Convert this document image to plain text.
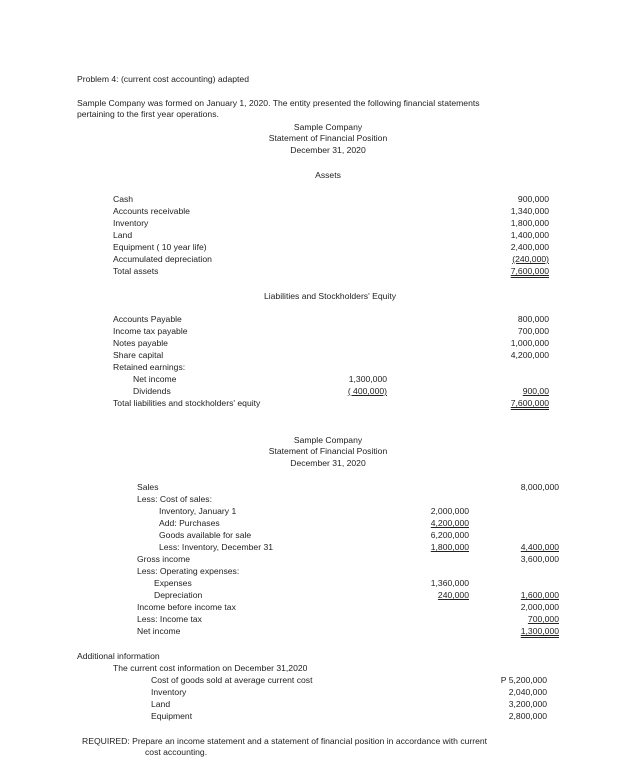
Problem 4: (current cost accounting) adapted
Sample Company was formed on January 1, 2020. The entity presented the following financial statements
pertaining to the first year operations.
Sample Company
Statement of Financial Position
December 31, 2020
Assets
Cash	900,000
Accounts receivable	1,340,000
Inventory	1,800,000
Land	1,400,000
Equipment ( 10 year life)	2,400,000
Accumulated depreciation	(240,000)
Total assets	7,600,000
Liabilities and Stockholders' Equity
Accounts Payable	800,000
Income tax payable	700,000
Notes payable	1,000,000
Share capital	4,200,000
Retained earnings:
Net income	1,300,000
Dividends	( 400,000)	900,00
Total liabilities and stockholders' equity	7,600,000
Sample Company
Statement of Financial Position
December 31, 2020
Sales	8,000,000
Less: Cost of sales:
Inventory, January 1	2,000,000
Add: Purchases	4,200,000
Goods available for sale	6,200,000
Less: Inventory, December 31	1,800,000	4,400,000
Gross income	3,600,000
Less: Operating expenses:
Expenses	1,360,000
Depreciation	240,000	1,600,000
Income before income tax	2,000,000
Less: Income tax	700,000
Net income	1,300,000
Additional information
The current cost information on December 31,2020
Cost of goods sold at average current cost	P 5,200,000
Inventory	2,040,000
Land	3,200,000
Equipment	2,800,000
REQUIRED: Prepare an income statement and a statement of financial position in accordance with current
cost accounting.
